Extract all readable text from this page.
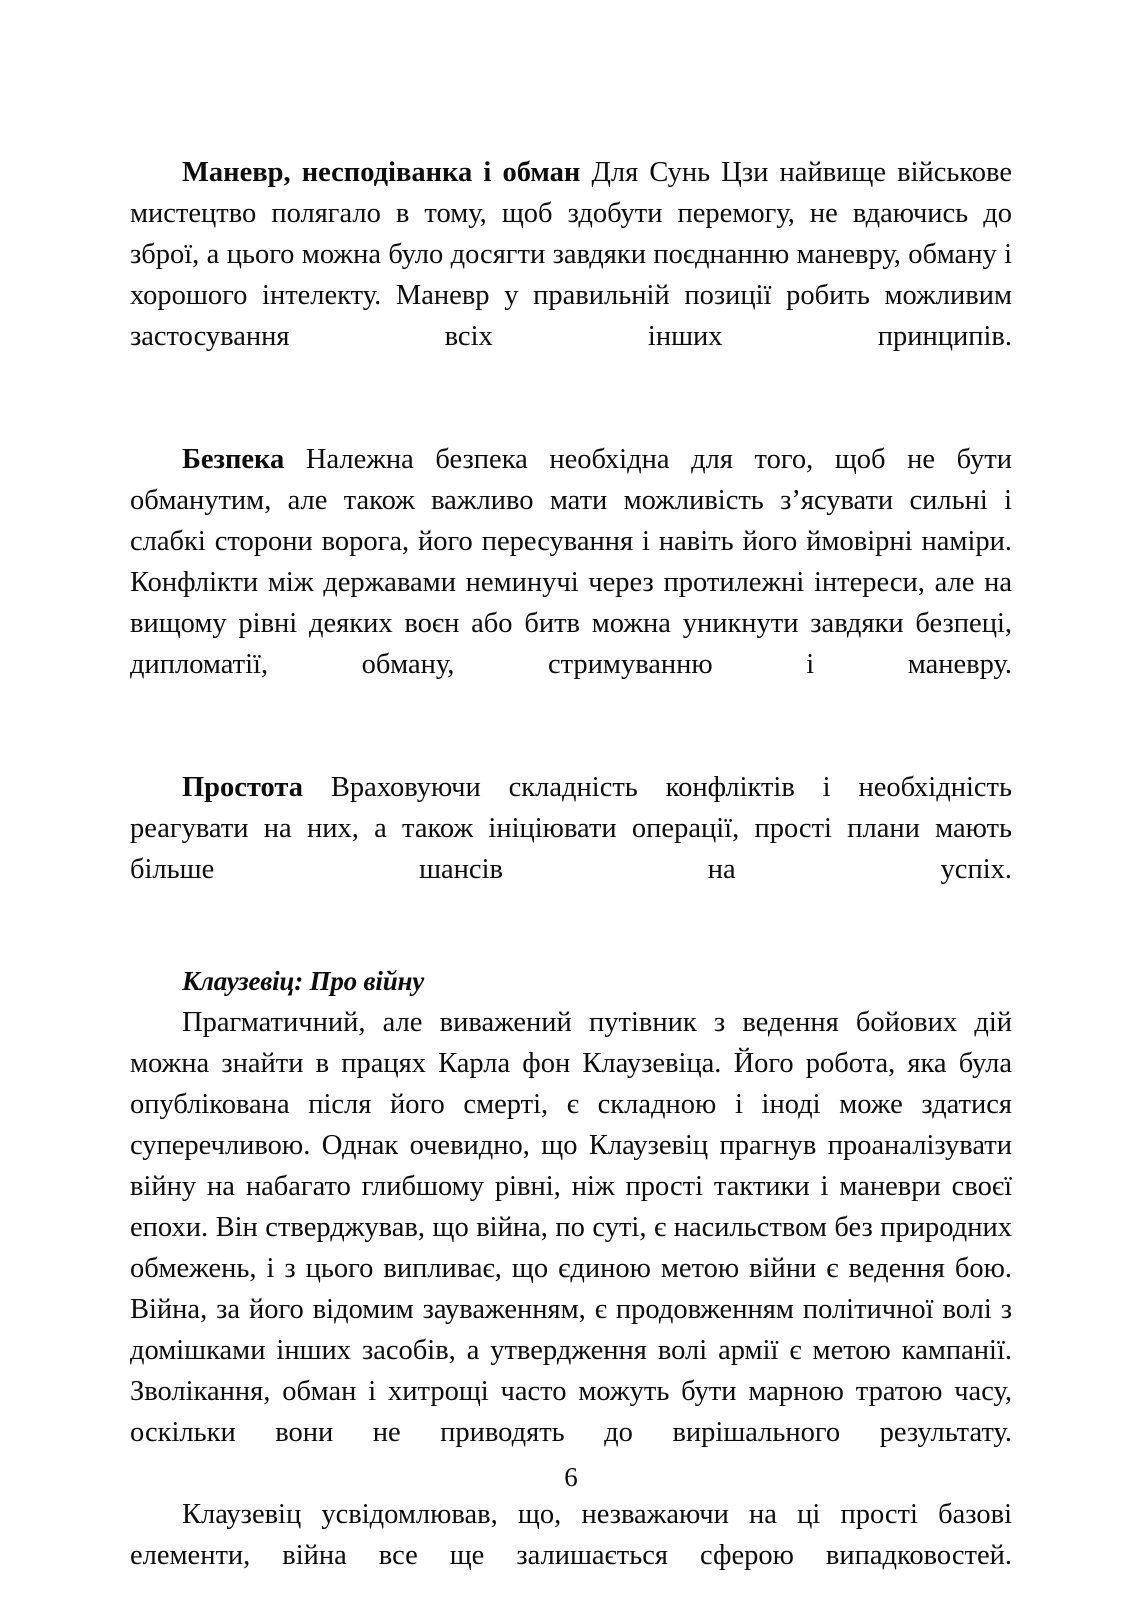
Маневр, несподіванка і обман Для Сунь Цзи найвище військове мистецтво полягало в тому, щоб здобути перемогу, не вдаючись до зброї, а цього можна було досягти завдяки поєднанню маневру, обману і хорошого інтелекту. Маневр у правильній позиції робить можливим застосування всіх інших принципів.

Безпека Належна безпека необхідна для того, щоб не бути обманутим, але також важливо мати можливість з’ясувати сильні і слабкі сторони ворога, його пересування і навіть його ймовірні наміри. Конфлікти між державами неминучі через протилежні інтереси, але на вищому рівні деяких воєн або битв можна уникнути завдяки безпеці, дипломатії, обману, стримуванню і маневру.

Простота Враховуючи складність конфліктів і необхідність реагувати на них, а також ініціювати операції, прості плани мають більше шансів на успіх.

Клаузевіц: Про війну

Прагматичний, але виважений путівник з ведення бойових дій можна знайти в працях Карла фон Клаузевіца. Його робота, яка була опублікована після його смерті, є складною і іноді може здатися суперечливою. Однак очевидно, що Клаузевіц прагнув проаналізувати війну на набагато глибшому рівні, ніж прості тактики і маневри своєї епохи. Він стверджував, що війна, по суті, є насильством без природних обмежень, і з цього випливає, що єдиною метою війни є ведення бою. Війна, за його відомим зауваженням, є продовженням політичної волі з домішками інших засобів, а утвердження волі армії є метою кампанії. Зволікання, обман і хитрощі часто можуть бути марною тратою часу, оскільки вони не приводять до вирішального результату.

Клаузевіц усвідомлював, що, незважаючи на ці прості базові елементи, війна все ще залишається сферою випадковостей.

6
